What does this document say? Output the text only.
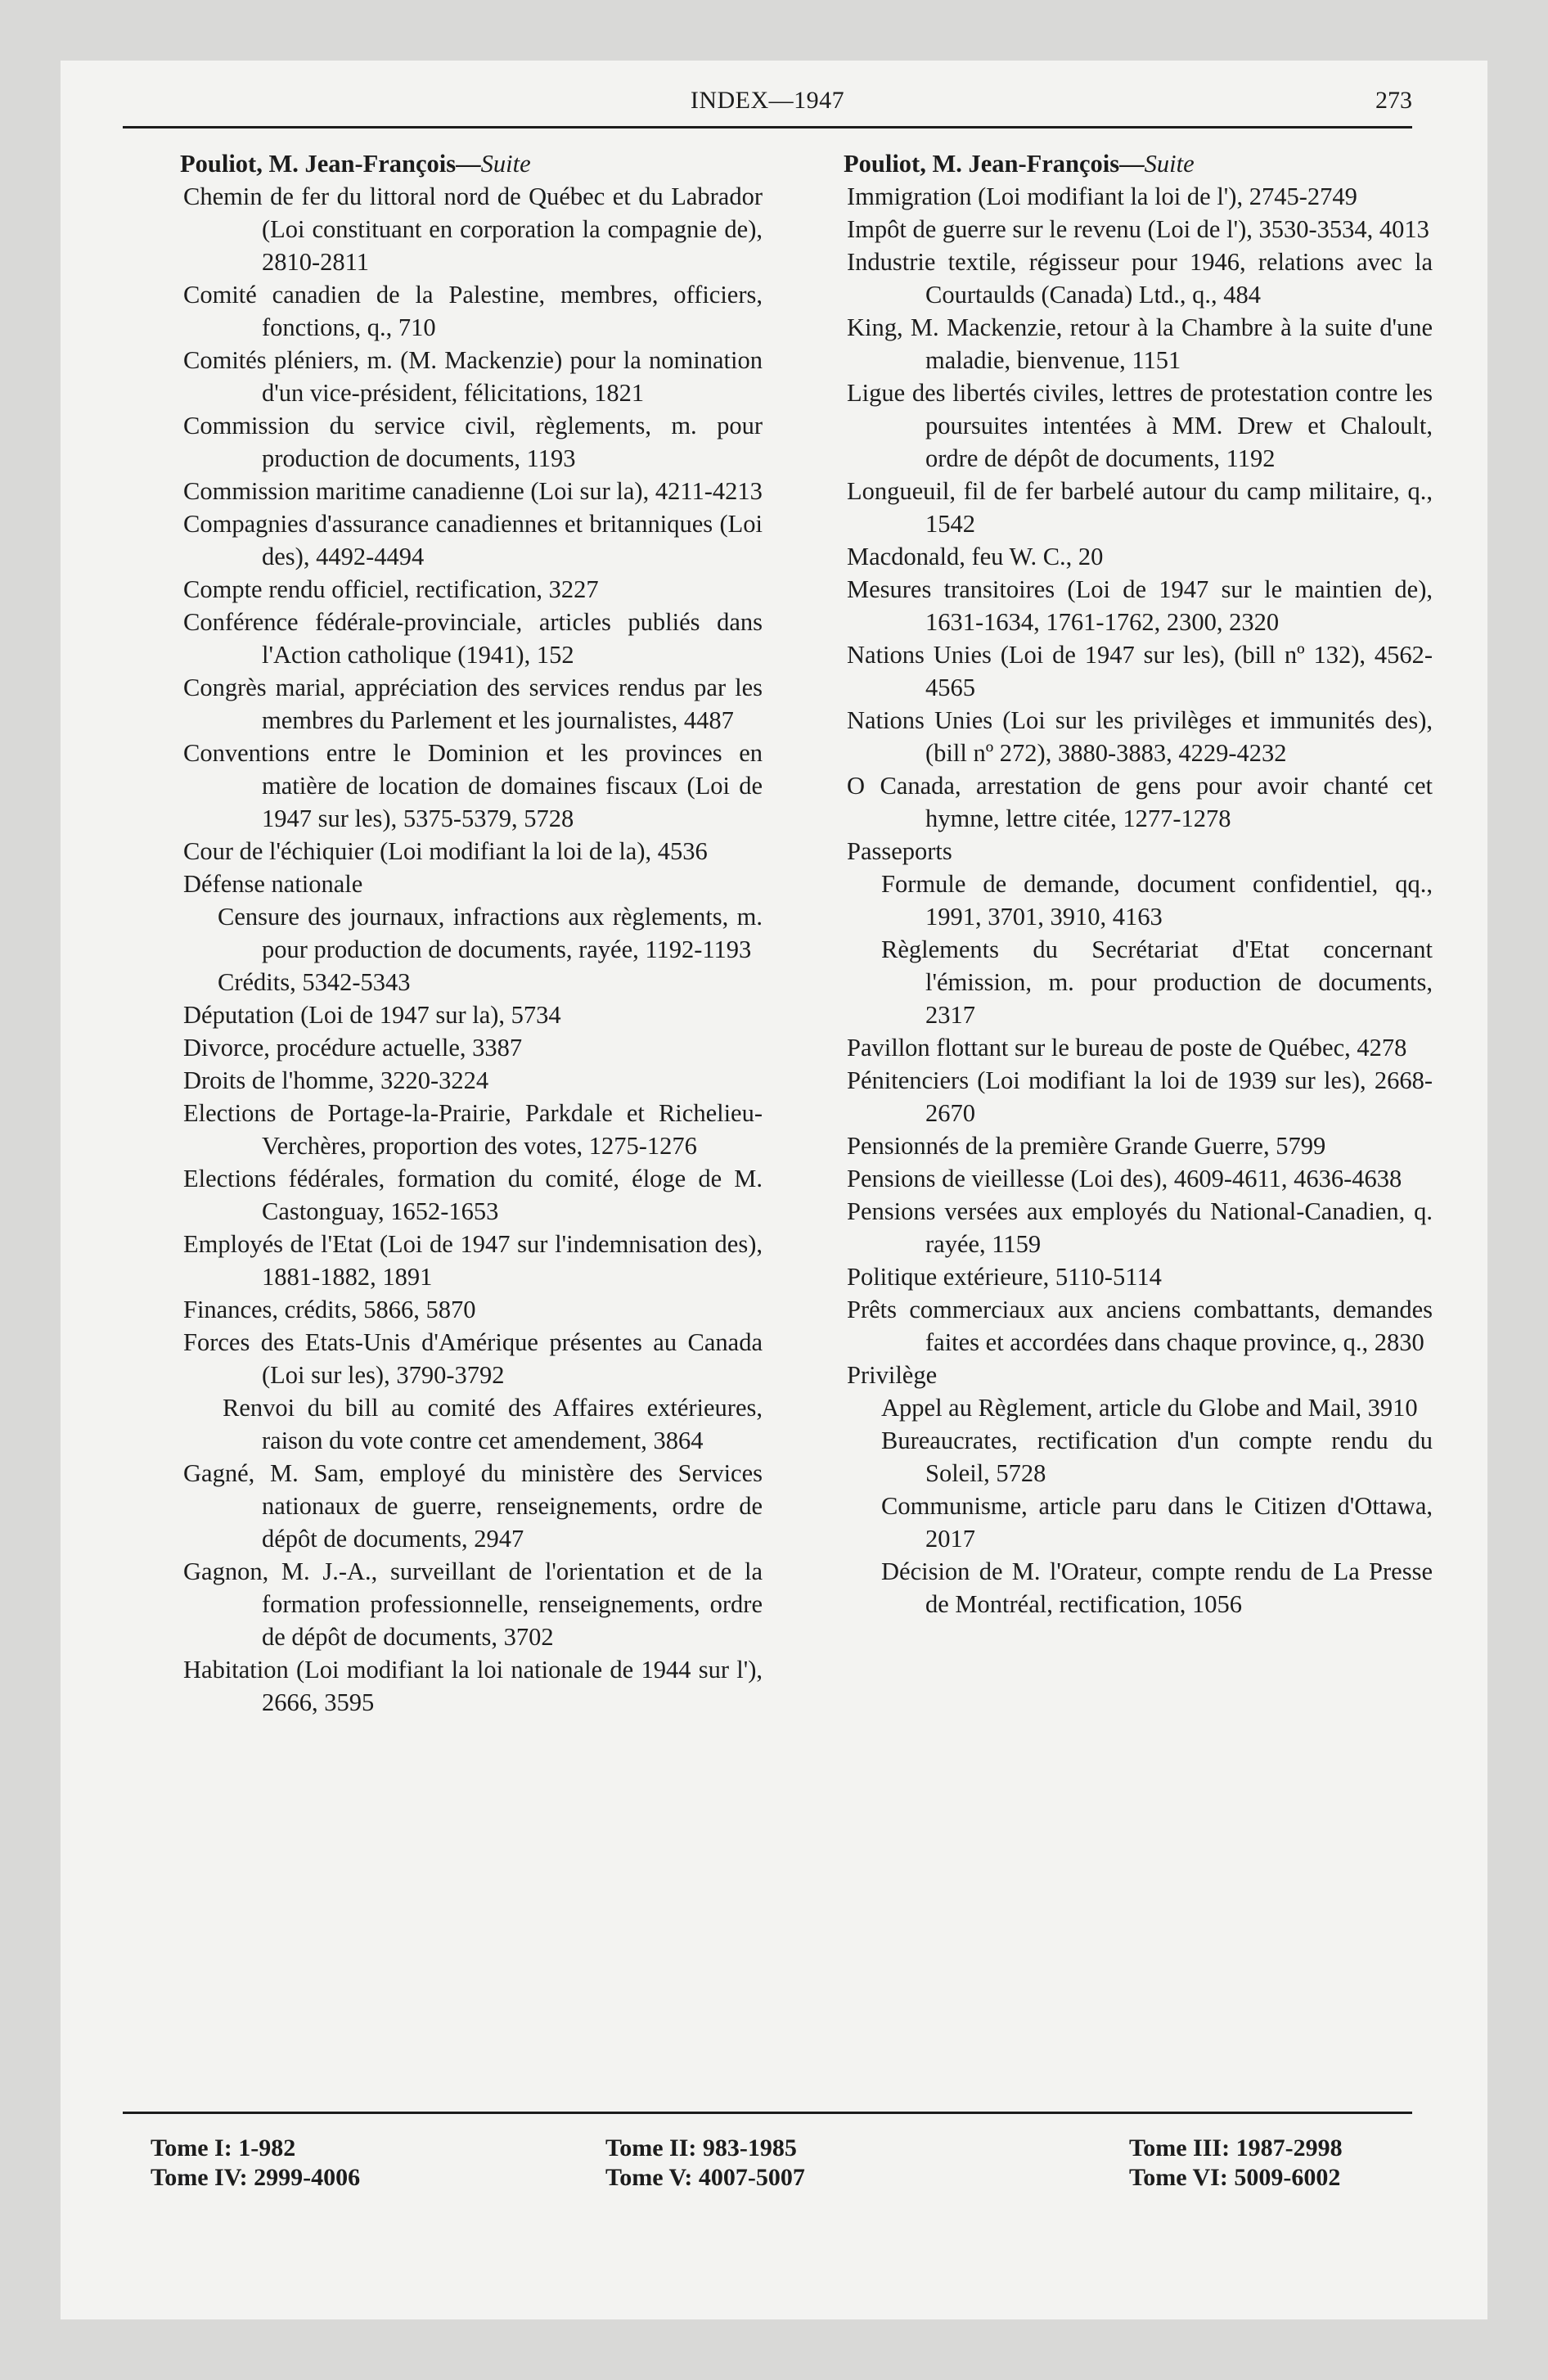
INDEX—1947	273
Pouliot, M. Jean-François—Suite
Chemin de fer du littoral nord de Québec et du Labrador (Loi constituant en corporation la compagnie de), 2810-2811
Comité canadien de la Palestine, membres, officiers, fonctions, q., 710
Comités pléniers, m. (M. Mackenzie) pour la nomination d'un vice-président, félicitations, 1821
Commission du service civil, règlements, m. pour production de documents, 1193
Commission maritime canadienne (Loi sur la), 4211-4213
Compagnies d'assurance canadiennes et britanniques (Loi des), 4492-4494
Compte rendu officiel, rectification, 3227
Conférence fédérale-provinciale, articles publiés dans l'Action catholique (1941), 152
Congrès marial, appréciation des services rendus par les membres du Parlement et les journalistes, 4487
Conventions entre le Dominion et les provinces en matière de location de domaines fiscaux (Loi de 1947 sur les), 5375-5379, 5728
Cour de l'échiquier (Loi modifiant la loi de la), 4536
Défense nationale
Censure des journaux, infractions aux règlements, m. pour production de documents, rayée, 1192-1193
Crédits, 5342-5343
Députation (Loi de 1947 sur la), 5734
Divorce, procédure actuelle, 3387
Droits de l'homme, 3220-3224
Elections de Portage-la-Prairie, Parkdale et Richelieu-Verchères, proportion des votes, 1275-1276
Elections fédérales, formation du comité, éloge de M. Castonguay, 1652-1653
Employés de l'Etat (Loi de 1947 sur l'indemnisation des), 1881-1882, 1891
Finances, crédits, 5866, 5870
Forces des Etats-Unis d'Amérique présentes au Canada (Loi sur les), 3790-3792
Renvoi du bill au comité des Affaires extérieures, raison du vote contre cet amendement, 3864
Gagné, M. Sam, employé du ministère des Services nationaux de guerre, renseignements, ordre de dépôt de documents, 2947
Gagnon, M. J.-A., surveillant de l'orientation et de la formation professionnelle, renseignements, ordre de dépôt de documents, 3702
Habitation (Loi modifiant la loi nationale de 1944 sur l'), 2666, 3595
Pouliot, M. Jean-François—Suite
Immigration (Loi modifiant la loi de l'), 2745-2749
Impôt de guerre sur le revenu (Loi de l'), 3530-3534, 4013
Industrie textile, régisseur pour 1946, relations avec la Courtaulds (Canada) Ltd., q., 484
King, M. Mackenzie, retour à la Chambre à la suite d'une maladie, bienvenue, 1151
Ligue des libertés civiles, lettres de protestation contre les poursuites intentées à MM. Drew et Chaloult, ordre de dépôt de documents, 1192
Longueuil, fil de fer barbelé autour du camp militaire, q., 1542
Macdonald, feu W. C., 20
Mesures transitoires (Loi de 1947 sur le maintien de), 1631-1634, 1761-1762, 2300, 2320
Nations Unies (Loi de 1947 sur les), (bill nº 132), 4562-4565
Nations Unies (Loi sur les privilèges et immunités des), (bill nº 272), 3880-3883, 4229-4232
O Canada, arrestation de gens pour avoir chanté cet hymne, lettre citée, 1277-1278
Passeports
Formule de demande, document confidentiel, qq., 1991, 3701, 3910, 4163
Règlements du Secrétariat d'Etat concernant l'émission, m. pour production de documents, 2317
Pavillon flottant sur le bureau de poste de Québec, 4278
Pénitenciers (Loi modifiant la loi de 1939 sur les), 2668-2670
Pensionnés de la première Grande Guerre, 5799
Pensions de vieillesse (Loi des), 4609-4611, 4636-4638
Pensions versées aux employés du National-Canadien, q. rayée, 1159
Politique extérieure, 5110-5114
Prêts commerciaux aux anciens combattants, demandes faites et accordées dans chaque province, q., 2830
Privilège
Appel au Règlement, article du Globe and Mail, 3910
Bureaucrates, rectification d'un compte rendu du Soleil, 5728
Communisme, article paru dans le Citizen d'Ottawa, 2017
Décision de M. l'Orateur, compte rendu de La Presse de Montréal, rectification, 1056
Tome I: 1-982	Tome II: 983-1985	Tome III: 1987-2998
Tome IV: 2999-4006	Tome V: 4007-5007	Tome VI: 5009-6002
